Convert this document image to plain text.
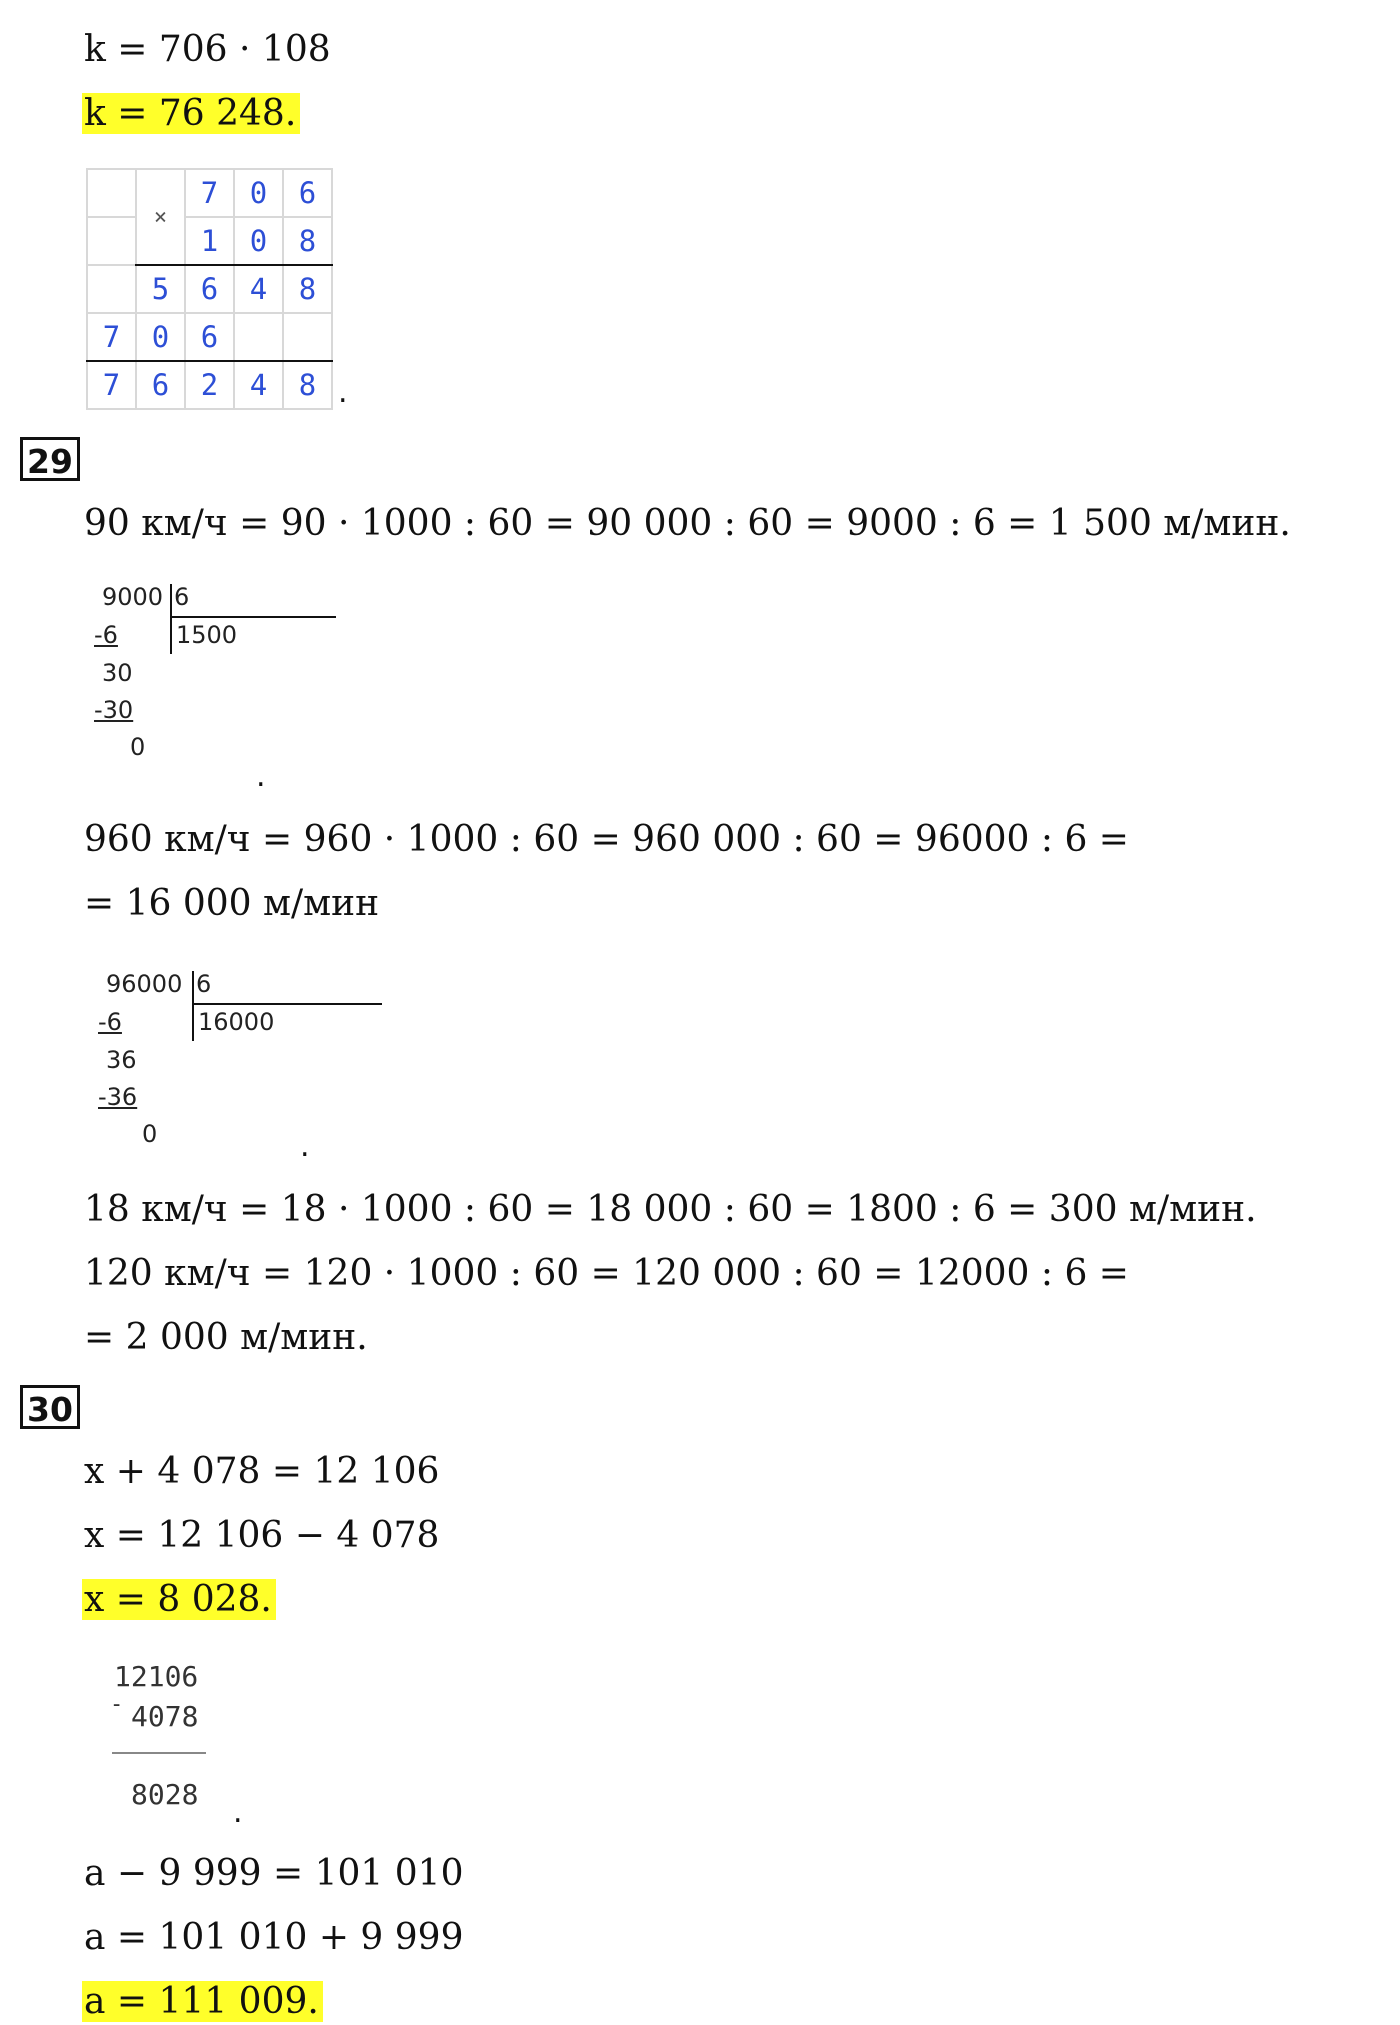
k = 706 · 108
k = 76 248.
	×	7	0	6
		1	0	8
	5	6	4	8
7	0	6		
7	6	2	4	8 .
29
90 км/ч = 90 · 1000 : 60 = 90 000 : 60 = 9000 : 6 = 1 500 м/мин.
9000 6
1500
-6
30
-30
0
.
960 км/ч = 960 · 1000 : 60 = 960 000 : 60 = 96000 : 6 =
= 16 000 м/мин
96000 6
16000
-6
36
-36
0	.
18 км/ч = 18 · 1000 : 60 = 18 000 : 60 = 1800 : 6 = 300 м/мин.
120 км/ч = 120 · 1000 : 60 = 120 000 : 60 = 12000 : 6 =
= 2 000 м/мин.
30
x + 4 078 = 12 106
x = 12 106 − 4 078
x = 8 028.
12106
- 4078
8028
.
a − 9 999 = 101 010
a = 101 010 + 9 999
a = 111 009.
